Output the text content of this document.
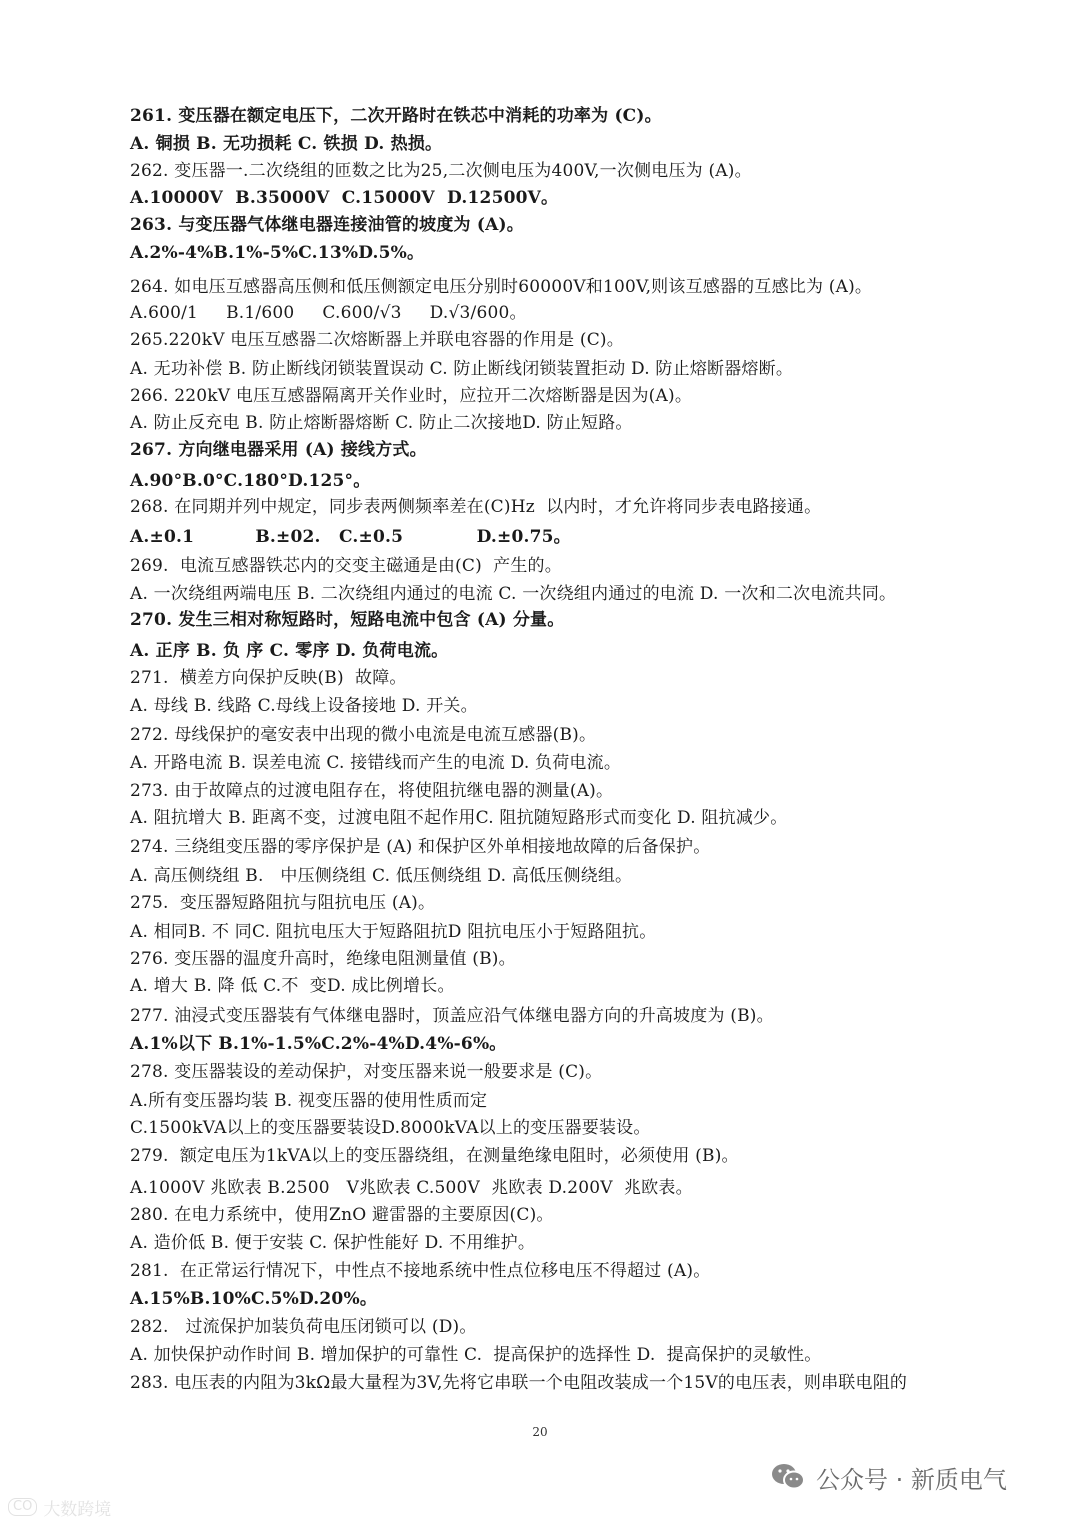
261. 变压器在额定电压下，二次开路时在铁芯中消耗的功率为 (C)。
A. 铜损 B. 无功损耗 C. 铁损 D. 热损。
262. 变压器一.二次绕组的匝数之比为25,二次侧电压为400V,一次侧电压为 (A)。
A.10000V  B.35000V  C.15000V  D.12500V。
263. 与变压器气体继电器连接油管的坡度为 (A)。
A.2%-4%B.1%-5%C.13%D.5%。
264. 如电压互感器高压侧和低压侧额定电压分别时60000V和100V,则该互感器的互感比为 (A)。
A.600/1     B.1/600     C.600/√3     D.√3/600。
265.220kV 电压互感器二次熔断器上并联电容器的作用是 (C)。
A. 无功补偿 B. 防止断线闭锁装置误动 C. 防止断线闭锁装置拒动 D. 防止熔断器熔断。
266. 220kV 电压互感器隔离开关作业时，应拉开二次熔断器是因为(A)。
A. 防止反充电 B. 防止熔断器熔断 C. 防止二次接地D. 防止短路。
267. 方向继电器采用 (A) 接线方式。
A.90°B.0°C.180°D.125°。
268. 在同期并列中规定，同步表两侧频率差在(C)Hz  以内时，才允许将同步表电路接通。
A.±0.1          B.±02.   C.±0.5            D.±0.75。
269.  电流互感器铁芯内的交变主磁通是由(C)  产生的。
A. 一次绕组两端电压 B. 二次绕组内通过的电流 C. 一次绕组内通过的电流 D. 一次和二次电流共同。
270. 发生三相对称短路时，短路电流中包含 (A) 分量。
A. 正序 B. 负 序 C. 零序 D. 负荷电流。
271.  横差方向保护反映(B)  故障。
A. 母线 B. 线路 C.母线上设备接地 D. 开关。
272. 母线保护的毫安表中出现的微小电流是电流互感器(B)。
A. 开路电流 B. 误差电流 C. 接错线而产生的电流 D. 负荷电流。
273. 由于故障点的过渡电阻存在，将使阻抗继电器的测量(A)。
A. 阻抗增大 B. 距离不变，过渡电阻不起作用C. 阻抗随短路形式而变化 D. 阻抗减少。
274. 三绕组变压器的零序保护是 (A) 和保护区外单相接地故障的后备保护。
A. 高压侧绕组 B.   中压侧绕组 C. 低压侧绕组 D. 高低压侧绕组。
275.  变压器短路阻抗与阻抗电压 (A)。
A. 相同B. 不 同C. 阻抗电压大于短路阻抗D 阻抗电压小于短路阻抗。
276. 变压器的温度升高时，绝缘电阻测量值 (B)。
A. 增大 B. 降 低 C.不  变D. 成比例增长。
277. 油浸式变压器装有气体继电器时，顶盖应沿气体继电器方向的升高坡度为 (B)。
A.1%以下 B.1%-1.5%C.2%-4%D.4%-6%。
278. 变压器装设的差动保护，对变压器来说一般要求是 (C)。
A.所有变压器均装 B. 视变压器的使用性质而定
C.1500kVA以上的变压器要装设D.8000kVA以上的变压器要装设。
279.  额定电压为1kVA以上的变压器绕组，在测量绝缘电阻时，必须使用 (B)。
A.1000V 兆欧表 B.2500   V兆欧表 C.500V  兆欧表 D.200V  兆欧表。
280. 在电力系统中，使用ZnO 避雷器的主要原因(C)。
A. 造价低 B. 便于安装 C. 保护性能好 D. 不用维护。
281.  在正常运行情况下，中性点不接地系统中性点位移电压不得超过 (A)。
A.15%B.10%C.5%D.20%。
282.   过流保护加装负荷电压闭锁可以 (D)。
A. 加快保护动作时间 B. 增加保护的可靠性 C.  提高保护的选择性 D.  提高保护的灵敏性。
283. 电压表的内阻为3kΩ最大量程为3V,先将它串联一个电阻改装成一个15V的电压表，则串联电阻的
20
公众号 · 新质电气
CO 大数跨境
